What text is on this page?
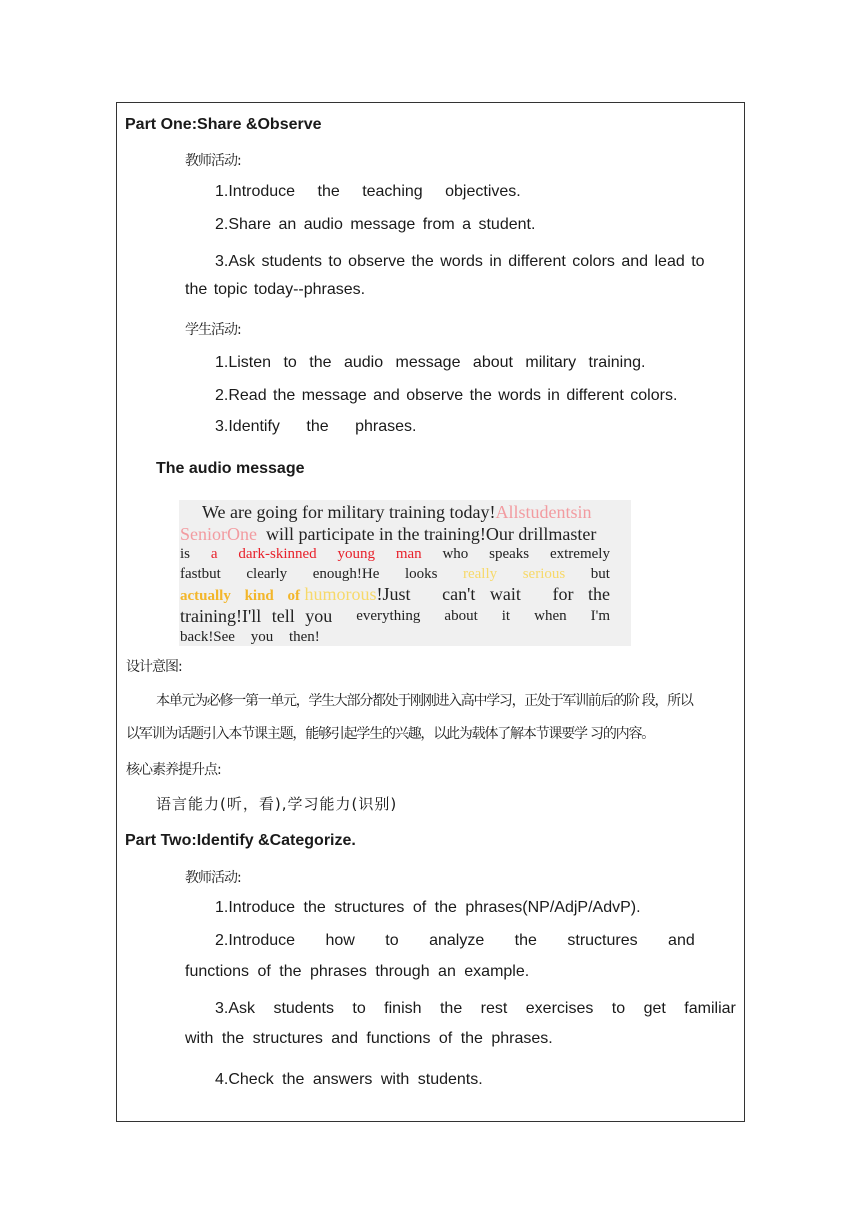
Part One:Share &Observe
教师活动:
1.Introduce the teaching objectives.
2.Share an audio message from a student.
3.Ask students to observe the words in different colors and lead to
the topic today--phrases.
学生活动:
1.Listen to the audio message about military training.
2.Read the message and observe the words in different colors.
3.Identify the phrases.
The audio message
We are going for military training today!Allstudentsin
SeniorOne will participate in the training!Our drillmaster
is a dark-skinned young man who speaks extremely
fastbut clearly enough!He looks really serious but
actually kind of humorous!Just can't wait for the
training!I'll tell you everything about it when I'm
back!See you then!
设计意图:
本单元为必修一第一单元，学生大部分都处于刚刚进入高中学习，正处于军训前后的阶 段，所以
以军训为话题引入本节课主题，能够引起学生的兴趣，以此为载体了解本节课要学 习的内容。
核心素养提升点:
语言能力(听，看),学习能力(识别)
Part Two:Identify &Categorize.
教师活动:
1.Introduce the structures of the phrases(NP/AdjP/AdvP).
2.Introduce how to analyze the structures and
functions of the phrases through an example.
3.Ask students to finish the rest exercises to get familiar
with the structures and functions of the phrases.
4.Check the answers with students.
